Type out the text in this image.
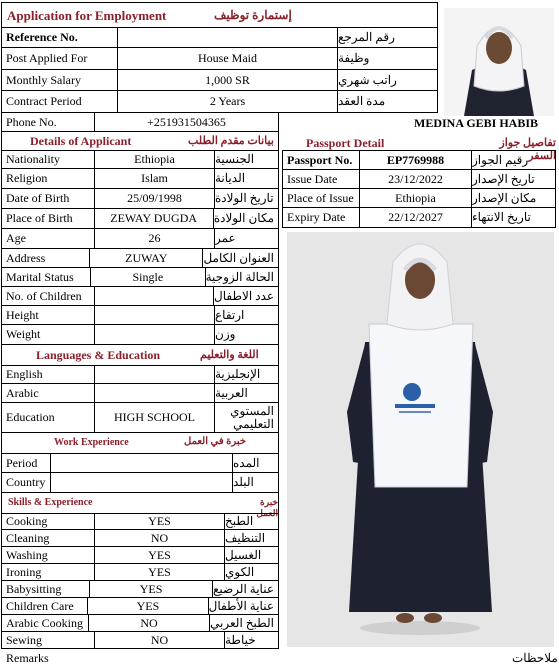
Application for Employment	إستمارة توظيف
Reference No.	رقم المرجع
Post Applied For	House Maid	وظيفة
Monthly Salary	1,000 SR	راتب شهري
Contract Period	2 Years	مدة العقد
Phone No.	+251931504365	MEDINA GEBI HABIB
Details of Applicant	بيانات مقدم الطلب	Passport Detail	تفاصيل جواز السفر
Nationality	Ethiopia	الجنسية
Religion	Islam	الديانة
Date of Birth	25/09/1998	تاريخ الولادة
Place of Birth	ZEWAY DUGDA	مكان الولادة
Age	26	عمر
Address	ZUWAY	العنوان الكامل
Marital Status	Single	الحالة الزوجية
No. of Children	عدد الاطفال
Height	ارتفاع
Weight	وزن
Passport No.	EP7769988	رقيم الجواز
Issue Date	23/12/2022	تاريخ الإصدار
Place of Issue	Ethiopia	مكان الإصدار
Expiry Date	22/12/2027	تاريخ الانتهاء
Languages & Education	اللغة والتعليم
English	الإنجليزية
Arabic	العربية
Education	HIGH SCHOOL	المستوي
التعليمي
Work Experience	خبرة في العمل
Period	المده
Country	البلد
Skills & Experience	خبرة العمل
Cooking	YES	الطبخ
Cleaning	NO	التنظيف
Washing	YES	الغسيل
Ironing	YES	الكوي
Babysitting	YES	عناية الرضيع
Children Care	YES	عناية الأطفال
Arabic Cooking	NO	الطبخ العربي
Sewing	NO	خياطة
Remarks	ملاحظات
